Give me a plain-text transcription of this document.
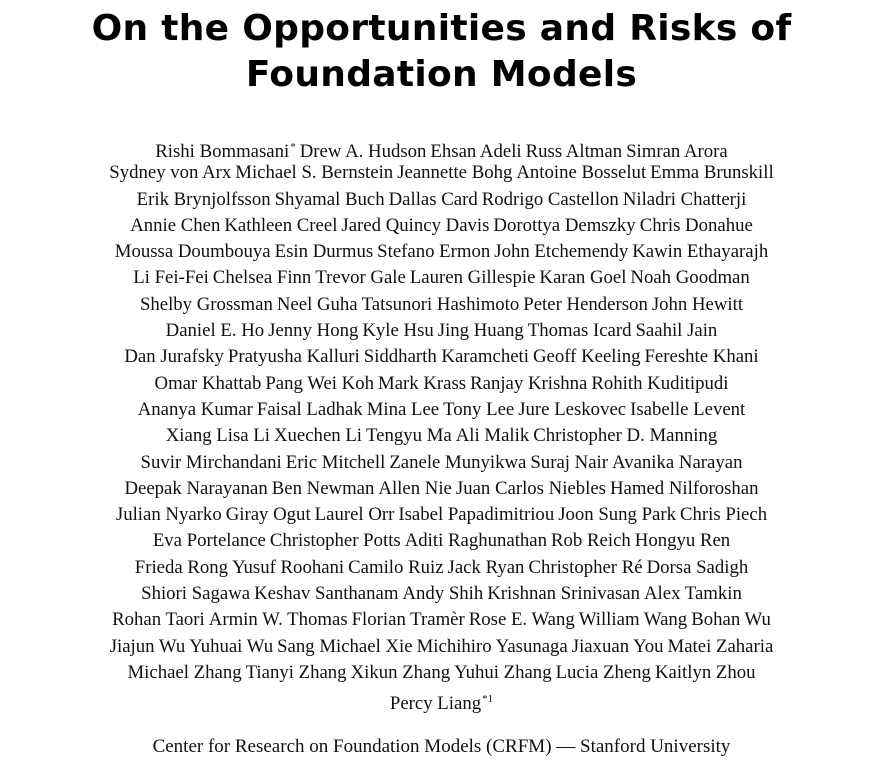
On the Opportunities and Risks of
Foundation Models
Rishi Bommasani* Drew A. Hudson Ehsan Adeli Russ Altman Simran Arora
Sydney von Arx Michael S. Bernstein Jeannette Bohg Antoine Bosselut Emma Brunskill
Erik Brynjolfsson Shyamal Buch Dallas Card Rodrigo Castellon Niladri Chatterji
Annie Chen Kathleen Creel Jared Quincy Davis Dorottya Demszky Chris Donahue
Moussa Doumbouya Esin Durmus Stefano Ermon John Etchemendy Kawin Ethayarajh
Li Fei-Fei Chelsea Finn Trevor Gale Lauren Gillespie Karan Goel Noah Goodman
Shelby Grossman Neel Guha Tatsunori Hashimoto Peter Henderson John Hewitt
Daniel E. Ho Jenny Hong Kyle Hsu Jing Huang Thomas Icard Saahil Jain
Dan Jurafsky Pratyusha Kalluri Siddharth Karamcheti Geoff Keeling Fereshte Khani
Omar Khattab Pang Wei Koh Mark Krass Ranjay Krishna Rohith Kuditipudi
Ananya Kumar Faisal Ladhak Mina Lee Tony Lee Jure Leskovec Isabelle Levent
Xiang Lisa Li Xuechen Li Tengyu Ma Ali Malik Christopher D. Manning
Suvir Mirchandani Eric Mitchell Zanele Munyikwa Suraj Nair Avanika Narayan
Deepak Narayanan Ben Newman Allen Nie Juan Carlos Niebles Hamed Nilforoshan
Julian Nyarko Giray Ogut Laurel Orr Isabel Papadimitriou Joon Sung Park Chris Piech
Eva Portelance Christopher Potts Aditi Raghunathan Rob Reich Hongyu Ren
Frieda Rong Yusuf Roohani Camilo Ruiz Jack Ryan Christopher Ré Dorsa Sadigh
Shiori Sagawa Keshav Santhanam Andy Shih Krishnan Srinivasan Alex Tamkin
Rohan Taori Armin W. Thomas Florian Tramèr Rose E. Wang William Wang Bohan Wu
Jiajun Wu Yuhuai Wu Sang Michael Xie Michihiro Yasunaga Jiaxuan You Matei Zaharia
Michael Zhang Tianyi Zhang Xikun Zhang Yuhui Zhang Lucia Zheng Kaitlyn Zhou
Percy Liang$^{*1}$
Center for Research on Foundation Models (CRFM) — Stanford University
